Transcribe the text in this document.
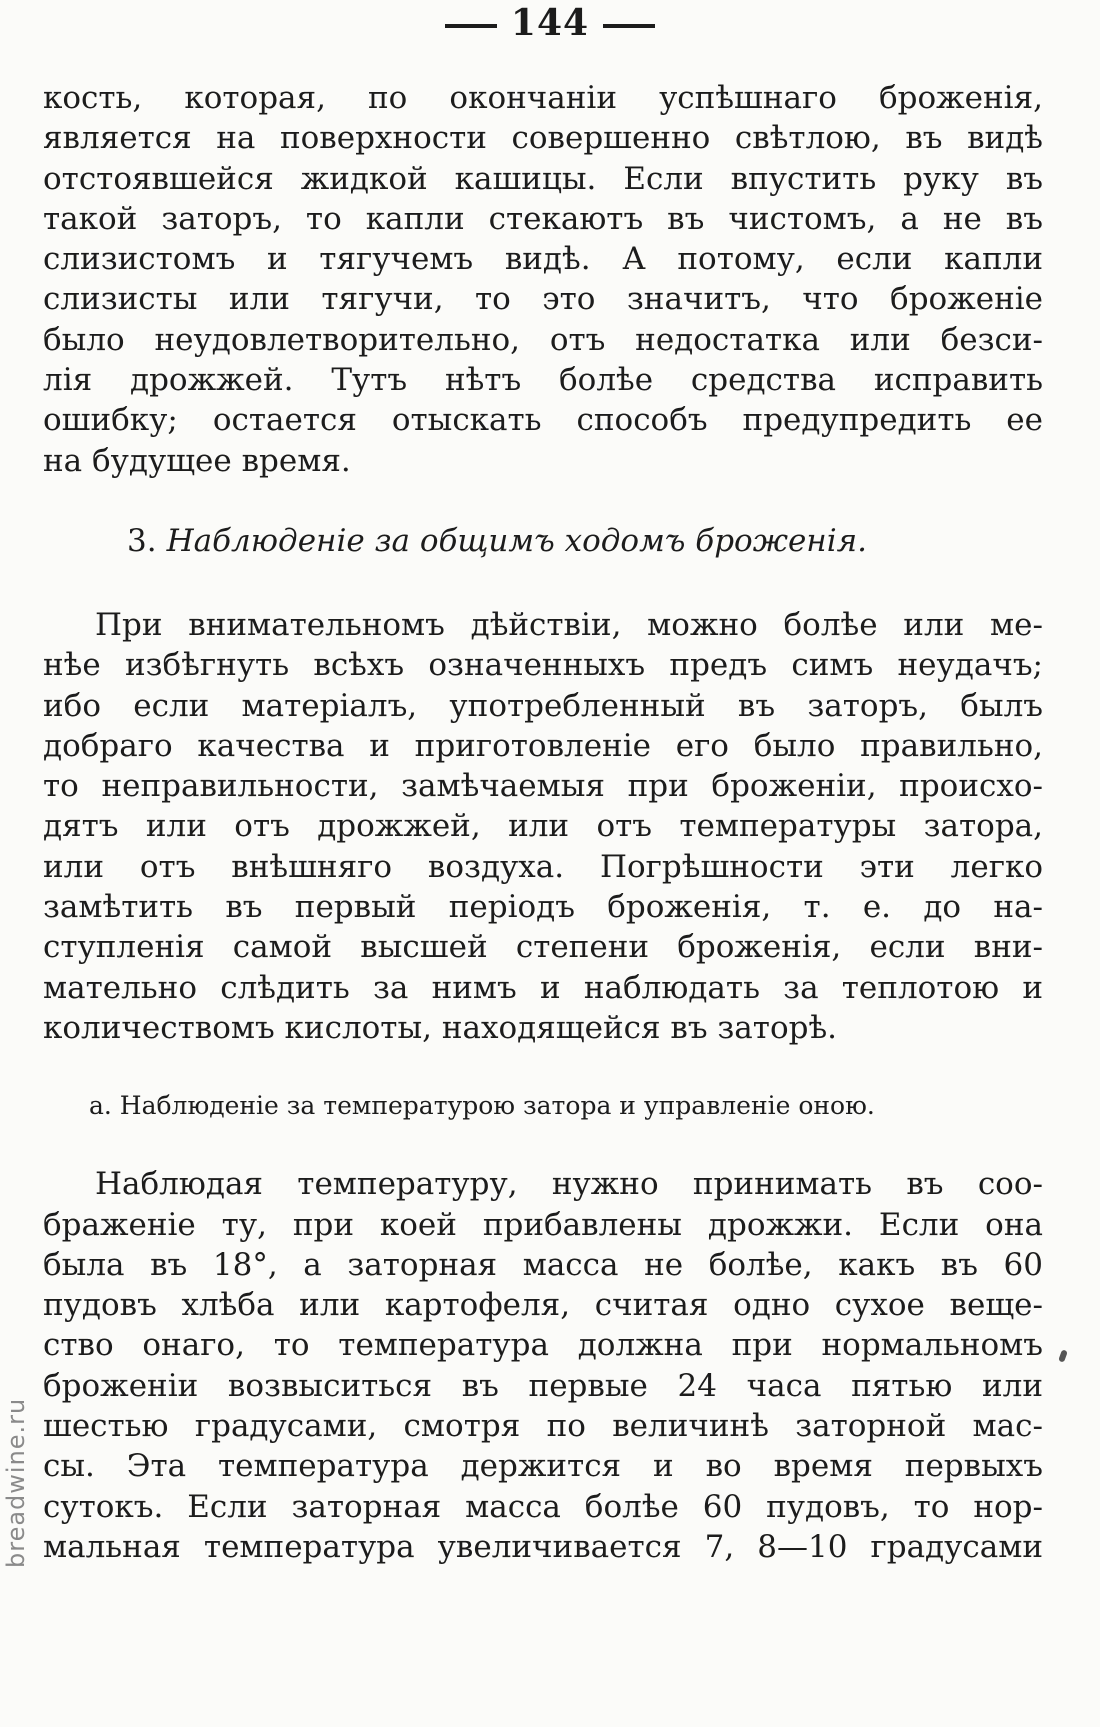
144
кость, которая, по окончаніи успѣшнаго броженія,
является на поверхности совершенно свѣтлою, въ видѣ
отстоявшейся жидкой кашицы. Если впустить руку въ
такой заторъ, то капли стекаютъ въ чистомъ, а не въ
слизистомъ и тягучемъ видѣ. А потому, если капли
слизисты или тягучи, то это значитъ, что броженіе
было неудовлетворительно, отъ недостатка или безси-
лія дрожжей. Тутъ нѣтъ болѣе средства исправить
ошибку; остается отыскать способъ предупредить ее
на будущее время.
3. Наблюденіе за общимъ ходомъ броженія.
При внимательномъ дѣйствіи, можно болѣе или ме-
нѣе избѣгнуть всѣхъ означенныхъ предъ симъ неудачъ;
ибо если матеріалъ, употребленный въ заторъ, былъ
добраго качества и приготовленіе его было правильно,
то неправильности, замѣчаемыя при броженіи, происхо-
дятъ или отъ дрожжей, или отъ температуры затора,
или отъ внѣшняго воздуха. Погрѣшности эти легко
замѣтить въ первый періодъ броженія, т. е. до на-
ступленія самой высшей степени броженія, если вни-
мательно слѣдить за нимъ и наблюдать за теплотою и
количествомъ кислоты, находящейся въ заторѣ.
а. Наблюденіе за температурою затора и управленіе оною.
Наблюдая температуру, нужно принимать въ соо-
браженіе ту, при коей прибавлены дрожжи. Если она
была въ 18°, а заторная масса не болѣе, какъ въ 60
пудовъ хлѣба или картофеля, считая одно сухое веще-
ство онаго, то температура должна при нормальномъ
броженіи возвыситься въ первые 24 часа пятью или
шестью градусами, смотря по величинѣ заторной мас-
сы. Эта температура держится и во время первыхъ
сутокъ. Если заторная масса болѣе 60 пудовъ, то нор-
мальная температура увеличивается 7, 8—10 градусами
breadwine.ru
